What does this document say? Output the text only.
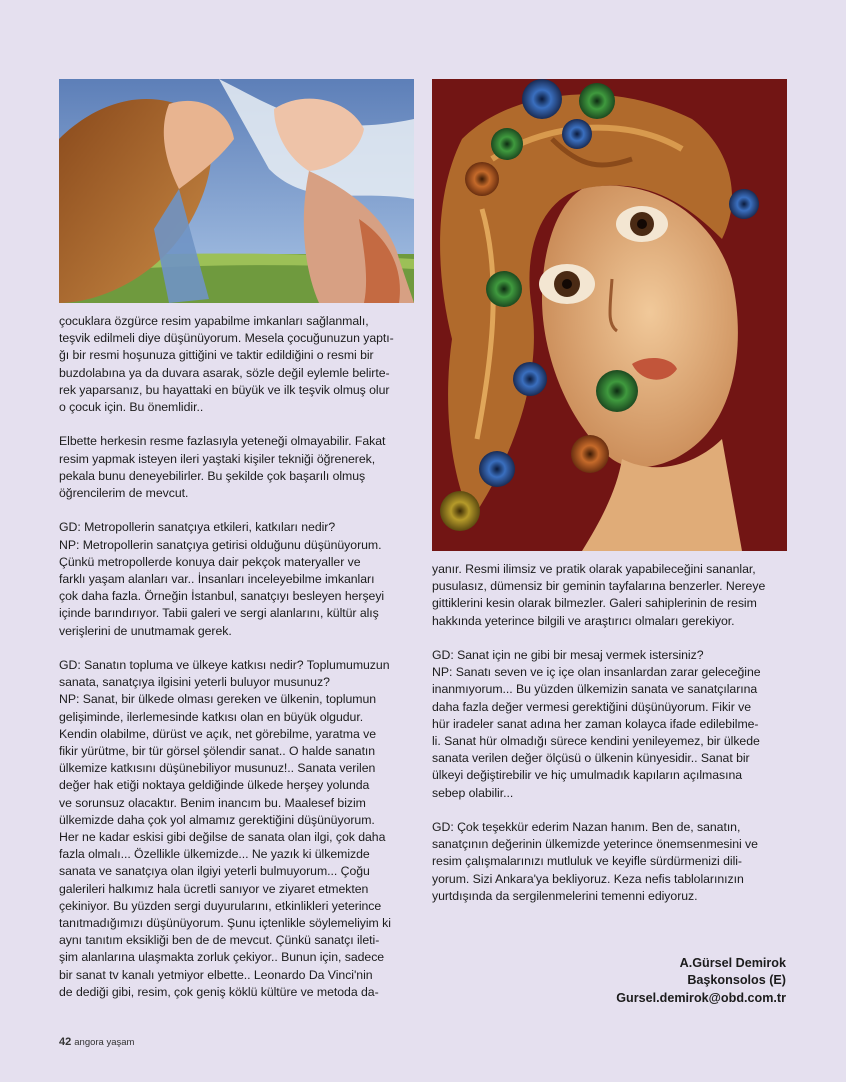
çocuklara özgürce resim yapabilme imkanları sağlanmalı,
teşvik edilmeli diye düşünüyorum. Mesela çocuğunuzun yaptı-
ğı bir resmi hoşunuza gittiğini ve taktir edildiğini o resmi bir
buzdolabına ya da duvara asarak, sözle değil eylemle belirte-
rek yaparsanız, bu hayattaki en büyük ve ilk teşvik olmuş olur
o çocuk için. Bu önemlidir..

Elbette herkesin resme fazlasıyla yeteneği olmayabilir. Fakat
resim yapmak isteyen ileri yaştaki kişiler tekniği öğrenerek,
pekala bunu deneyebilirler. Bu şekilde çok başarılı olmuş
öğrencilerim de mevcut.

GD: Metropollerin sanatçıya etkileri, katkıları nedir?
NP: Metropollerin sanatçıya getirisi olduğunu düşünüyorum.
Çünkü metropollerde konuya dair pekçok materyaller ve
farklı yaşam alanları var.. İnsanları inceleyebilme imkanları
çok daha fazla. Örneğin İstanbul, sanatçıyı besleyen herşeyi
içinde barındırıyor. Tabii galeri ve sergi alanlarını, kültür alış
verişlerini de unutmamak gerek.

GD: Sanatın topluma ve ülkeye katkısı nedir? Toplumumuzun
sanata, sanatçıya ilgisini yeterli buluyor musunuz?
NP: Sanat, bir ülkede olması gereken ve ülkenin, toplumun
gelişiminde, ilerlemesinde katkısı olan en büyük olgudur.
Kendin olabilme, dürüst ve açık, net görebilme, yaratma ve
fikir yürütme, bir tür görsel şölendir sanat.. O halde sanatın
ülkemize katkısını düşünebiliyor musunuz!.. Sanata verilen
değer hak etiği noktaya geldiğinde ülkede herşey yolunda
ve sorunsuz olacaktır. Benim inancım bu. Maalesef bizim
ülkemizde daha çok yol almamız gerektiğini düşünüyorum.
Her ne kadar eskisi gibi değilse de sanata olan ilgi, çok daha
fazla olmalı... Özellikle ülkemizde... Ne yazık ki ülkemizde
sanata ve sanatçıya olan ilgiyi yeterli bulmuyorum... Çoğu
galerileri halkımız hala ücretli sanıyor ve ziyaret etmekten
çekiniyor. Bu yüzden sergi duyurularını, etkinlikleri yeterince
tanıtmadığımızı düşünüyorum. Şunu içtenlikle söylemeliyim ki
aynı tanıtım eksikliği ben de de mevcut. Çünkü sanatçı ileti-
şim alanlarına ulaşmakta zorluk çekiyor.. Bunun için, sadece
bir sanat tv kanalı yetmiyor elbette.. Leonardo Da Vinci'nin
de dediği gibi, resim, çok geniş köklü kültüre ve metoda da-

yanır. Resmi ilimsiz ve pratik olarak yapabileceğini sananlar,
pusulasız, dümensiz bir geminin tayfalarına benzerler. Nereye
gittiklerini kesin olarak bilmezler. Galeri sahiplerinin de resim
hakkında yeterince bilgili ve araştırıcı olmaları gerekiyor.

GD: Sanat için ne gibi bir mesaj vermek istersiniz?
NP: Sanatı seven ve iç içe olan insanlardan zarar geleceğine
inanmıyorum... Bu yüzden ülkemizin sanata ve sanatçılarına
daha fazla değer vermesi gerektiğini düşünüyorum. Fikir ve
hür iradeler sanat adına her zaman kolayca ifade edilebilme-
li. Sanat hür olmadığı sürece kendini yenileyemez, bir ülkede
sanata verilen değer ölçüsü o ülkenin künyesidir.. Sanat bir
ülkeyi değiştirebilir ve hiç umulmadık kapıların açılmasına
sebep olabilir...

GD: Çok teşekkür ederim Nazan hanım. Ben de, sanatın,
sanatçının değerinin ülkemizde yeterince önemsenmesini ve
resim çalışmalarınızı mutluluk ve keyifle sürdürmenizi dili-
yorum. Sizi Ankara'ya bekliyoruz. Keza nefis tablolarınızın
yurtdışında da sergilenmelerini temenni ediyoruz.

A.Gürsel Demirok
Başkonsolos (E)
Gursel.demirok@obd.com.tr
42 angora yaşam
